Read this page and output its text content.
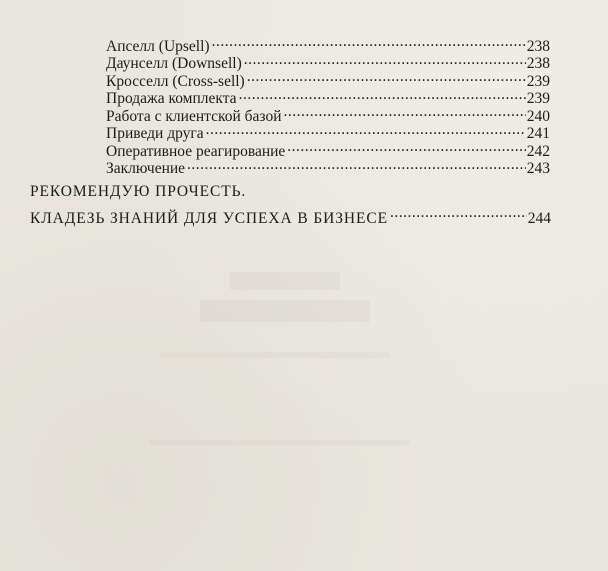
Апселл (Upsell) .....	238
Даунселл (Downsell) .....	238
Кросселл (Cross-sell) .....	239
Продажа комплекта .....	239
Работа с клиентской базой .....	240
Приведи друга .....	241
Оперативное реагирование .....	242
Заключение .....	243
РЕКОМЕНДУЮ ПРОЧЕСТЬ.
КЛАДЕЗЬ ЗНАНИЙ ДЛЯ УСПЕХА В БИЗНЕСЕ .....	244
